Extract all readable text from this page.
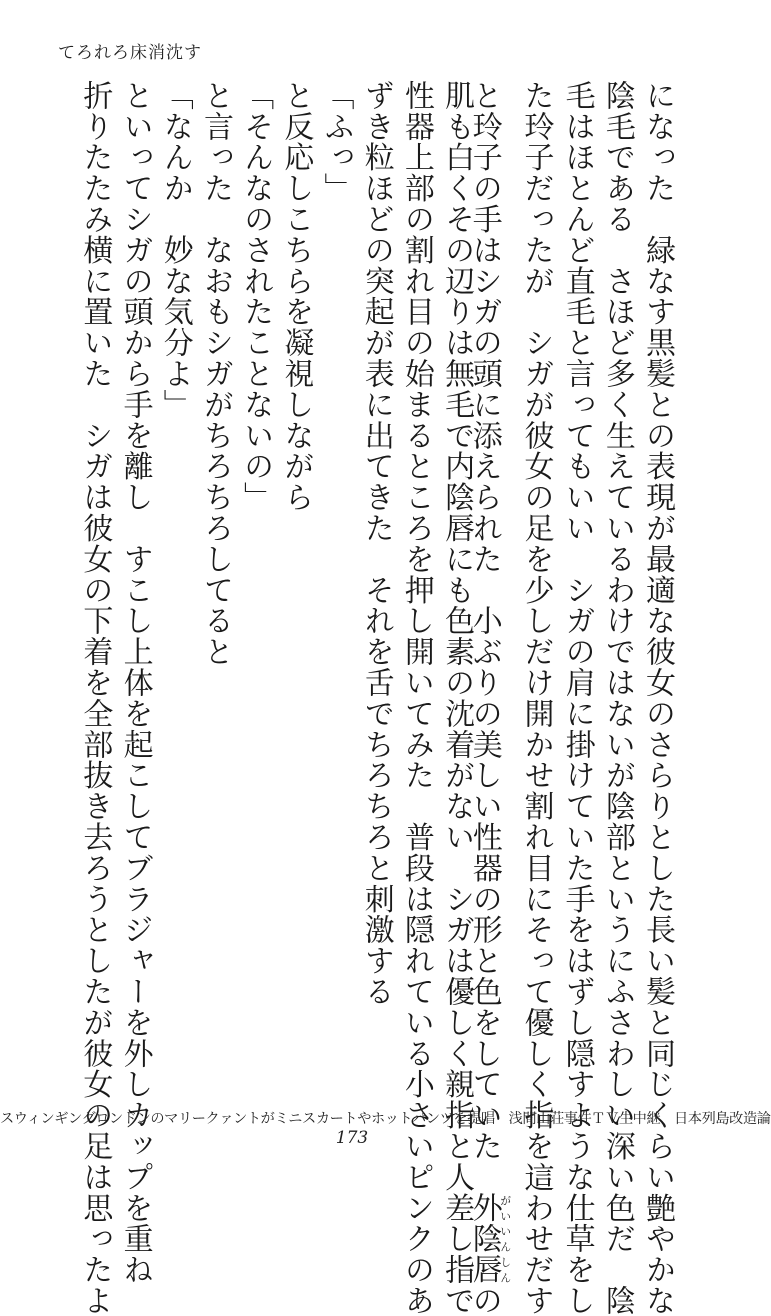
てろれろ床消沈す
になった　緑なす黒髪との表現が最適な彼女のさらりとした長い髪と同じくらい艶やかな
陰毛である　さほど多く生えているわけではないが陰部というにふさわしい深い色だ　陰
毛はほとんど直毛と言ってもいい　シガの肩に掛けていた手をはずし隠すような仕草をし
た玲子だったが　シガが彼女の足を少しだけ開かせ割れ目にそって優しく指を這わせだす
と玲子の手はシガの頭に添えられた　小ぶりの美しい性器の形と色をしていた　外陰唇がいいんしんの
肌も白くその辺りは無毛で内陰唇にも色素の沈着がない　シガは優しく親指と人差し指で
性器上部の割れ目の始まるところを押し開いてみた　普段は隠れている小さいピンクのあ
ずき粒ほどの突起が表に出てきた　それを舌でちろちろと刺激する
「ふっ」
と反応しこちらを凝視しながら
「そんなのされたことないの」
と言った　なおもシガがちろちろしてると
「なんか　妙な気分よ」
といってシガの頭から手を離し　すこし上体を起こしてブラジャーを外しカップを重ね
折りたたみ横に置いた　シガは彼女の下着を全部抜き去ろうとしたが彼女の足は思ったよ
スウィンギングロンドンのマリークァントがミニスカートやホットパンツを提唱　浅間山荘事件ＴＶ生中継　日本列島改造論
173
